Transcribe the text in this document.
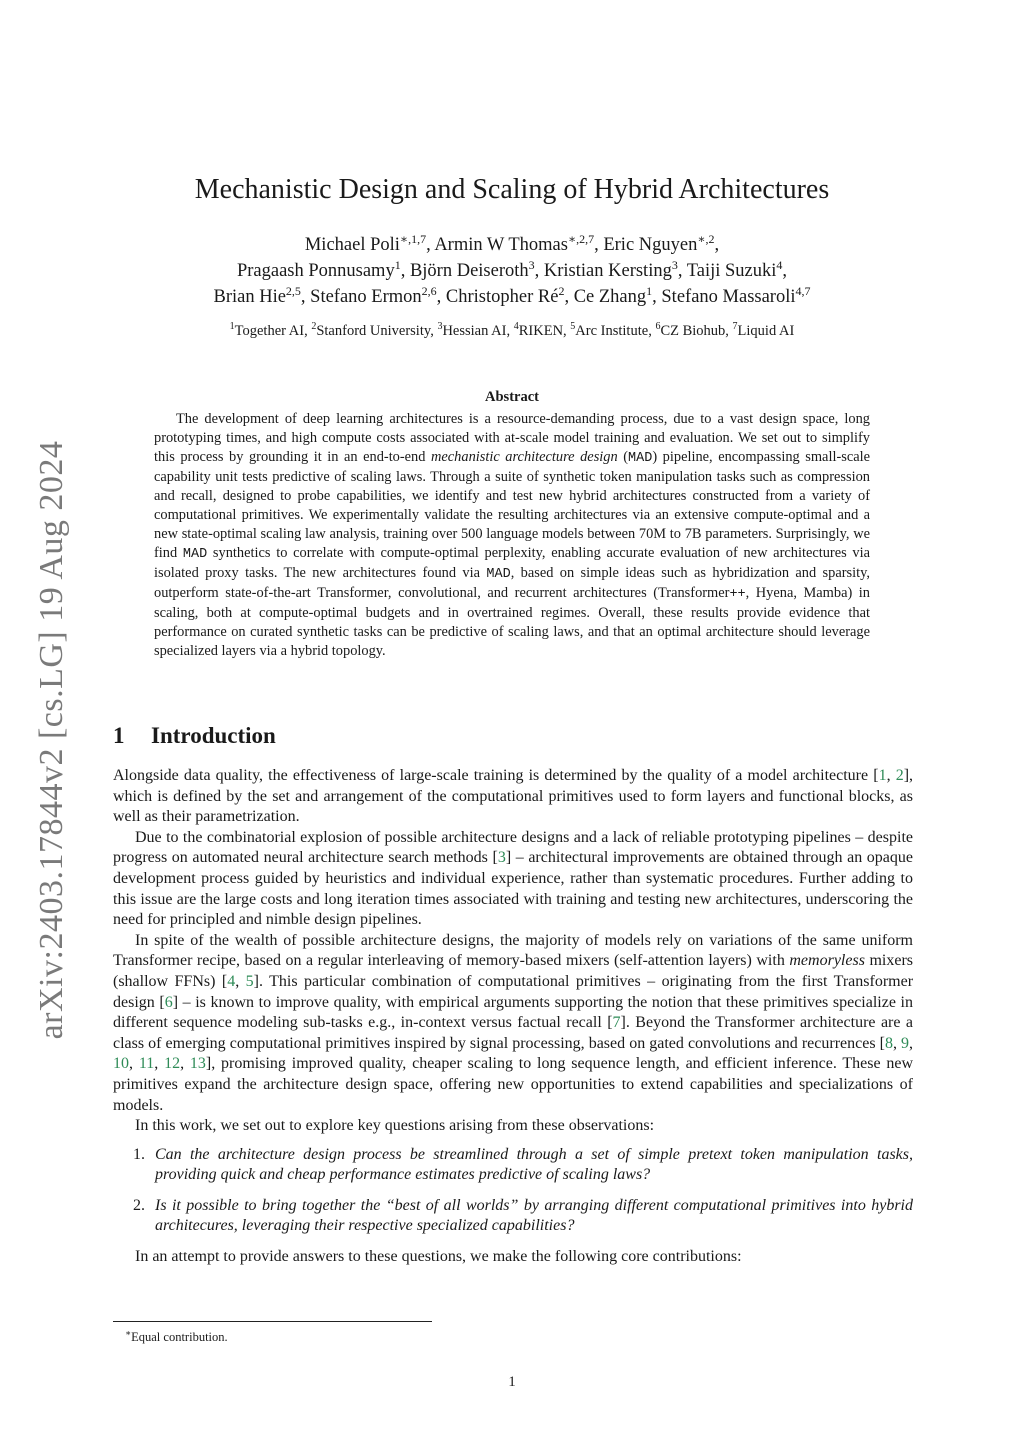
arXiv:2403.17844v2 [cs.LG] 19 Aug 2024
Mechanistic Design and Scaling of Hybrid Architectures
Michael Poli$^{∗,1,7}$, Armin W Thomas$^{∗,2,7}$, Eric Nguyen$^{∗,2}$,
Pragaash Ponnusamy$^1$, Björn Deiseroth$^3$, Kristian Kersting$^3$, Taiji Suzuki$^4$,
Brian Hie$^{2,5}$, Stefano Ermon$^{2,6}$, Christopher $Ré^2$, Ce Zhang$^1$, Stefano Massaroli$^{4,7}$
$^1$Together AI, $^2$Stanford University, $^3$Hessian AI, $^4$RIKEN, $^5$Arc Institute, $^6$CZ Biohub, $^7$Liquid AI
Abstract
The development of deep learning architectures is a resource-demanding process, due to a vast design space, long prototyping times, and high compute costs associated with at-scale model training and evaluation. We set out to simplify this process by grounding it in an end-to-end mechanistic architecture design (MAD) pipeline, encompassing small-scale capability unit tests predictive of scaling laws. Through a suite of synthetic token manipulation tasks such as compression and recall, designed to probe capabilities, we identify and test new hybrid architectures constructed from a variety of computational primitives. We experimentally validate the resulting architectures via an extensive compute-optimal and a new state-optimal scaling law analysis, training over 500 language models between 70M to 7B parameters. Surprisingly, we find MAD synthetics to correlate with compute-optimal perplexity, enabling accurate evaluation of new architectures via isolated proxy tasks. The new architectures found via MAD, based on simple ideas such as hybridization and sparsity, outperform state-of-the-art Transformer, convolutional, and recurrent architectures (Transformer++, Hyena, Mamba) in scaling, both at compute-optimal budgets and in overtrained regimes. Overall, these results provide evidence that performance on curated synthetic tasks can be predictive of scaling laws, and that an optimal architecture should leverage specialized layers via a hybrid topology.
1 Introduction

Alongside data quality, the effectiveness of large-scale training is determined by the quality of a model architecture [1, 2], which is defined by the set and arrangement of the computational primitives used to form layers and functional blocks, as well as their parametrization.

Due to the combinatorial explosion of possible architecture designs and a lack of reliable prototyping pipelines – despite progress on automated neural architecture search methods [3] – architectural improvements are obtained through an opaque development process guided by heuristics and individual experience, rather than systematic procedures. Further adding to this issue are the large costs and long iteration times associated with training and testing new architectures, underscoring the need for principled and nimble design pipelines.

In spite of the wealth of possible architecture designs, the majority of models rely on variations of the same uniform Transformer recipe, based on a regular interleaving of memory-based mixers (self-attention layers) with memoryless mixers (shallow FFNs) [4, 5]. This particular combination of computational primitives – originating from the first Transformer design [6] – is known to improve quality, with empirical arguments supporting the notion that these primitives specialize in different sequence modeling sub-tasks e.g., in-context versus factual recall [7]. Beyond the Transformer architecture are a class of emerging computational primitives inspired by signal processing, based on gated convolutions and recurrences [8, 9, 10, 11, 12, 13], promising improved quality, cheaper scaling to long sequence length, and efficient inference. These new primitives expand the architecture design space, offering new opportunities to extend capabilities and specializations of models.

In this work, we set out to explore key questions arising from these observations:

1. Can the architecture design process be streamlined through a set of simple pretext token manipulation tasks, providing quick and cheap performance estimates predictive of scaling laws?
2. Is it possible to bring together the “best of all worlds” by arranging different computational primitives into hybrid architecures, leveraging their respective specialized capabilities?

In an attempt to provide answers to these questions, we make the following core contributions:

∗Equal contribution.
1
